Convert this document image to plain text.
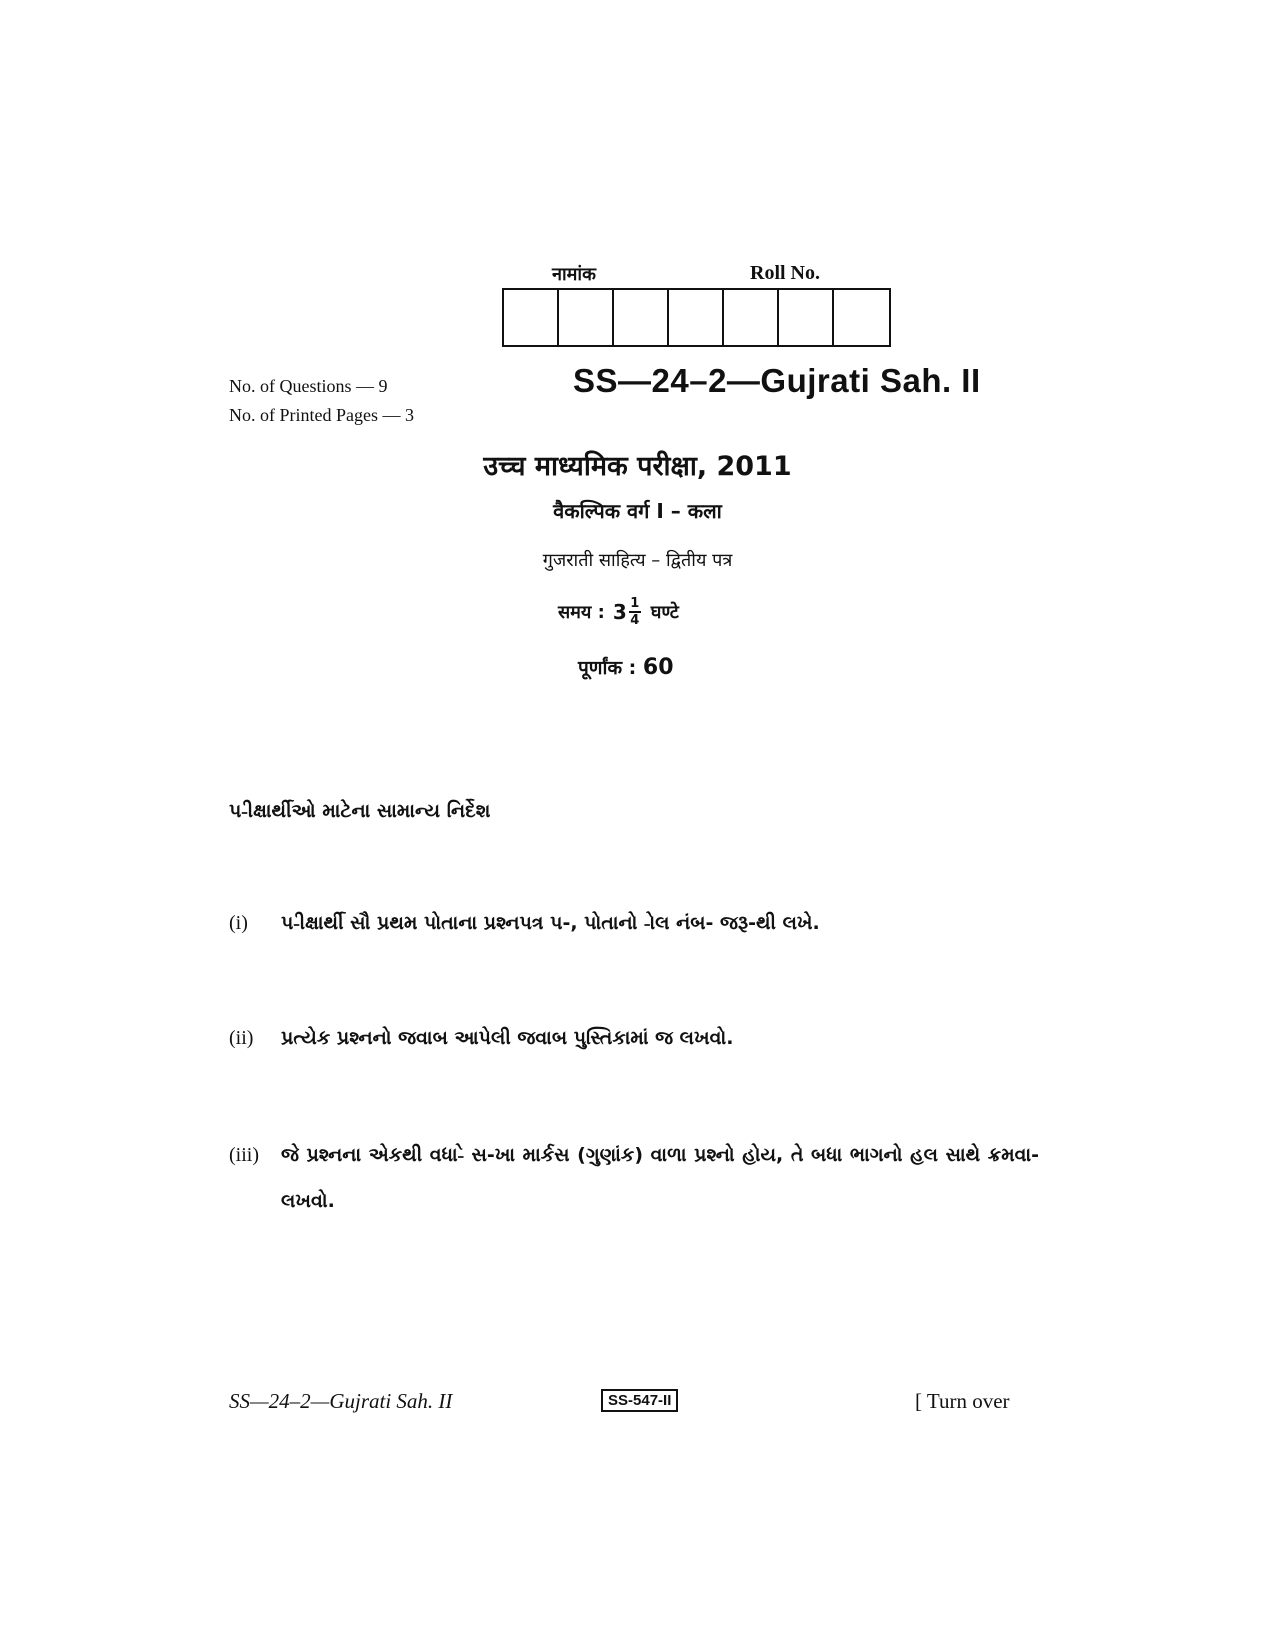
नामांक	Roll No.
No. of Questions — 9
No. of Printed Pages — 3
SS—24–2—Gujrati Sah. II
उच्च माध्यमिक परीक्षा, 2011
वैकल्पिक वर्ग I – कला
गुजराती साहित्य – द्वितीय पत्र
समय : $3 \frac{1}{4}$ घण्टे
पूर्णांक : 60
પ-ીક્ષાર્થીઓ માટેના સામાન્ય નિર્દેશ
(i) પ-ીક્ષાર્થી સૌ પ્રથમ પોતાના પ્રશ્નપત્ર પ-, પોતાનો -ોલ નંબ- જરૂ-થી લખે.
(ii) પ્રત્યેક પ્રશ્નનો જવાબ આપેલી જવાબ પુસ્તિકામાં જ લખવો.
(iii) જે પ્રશ્નના એકથી વધા-ે સ-ખા માર્કસ (ગુણાંક) વાળા પ્રશ્નો હોય, તે બધા ભાગનો હલ સાથે ક્રમવા- લખવો.
SS—24–2—Gujrati Sah. II	SS-547-II	[ Turn over
